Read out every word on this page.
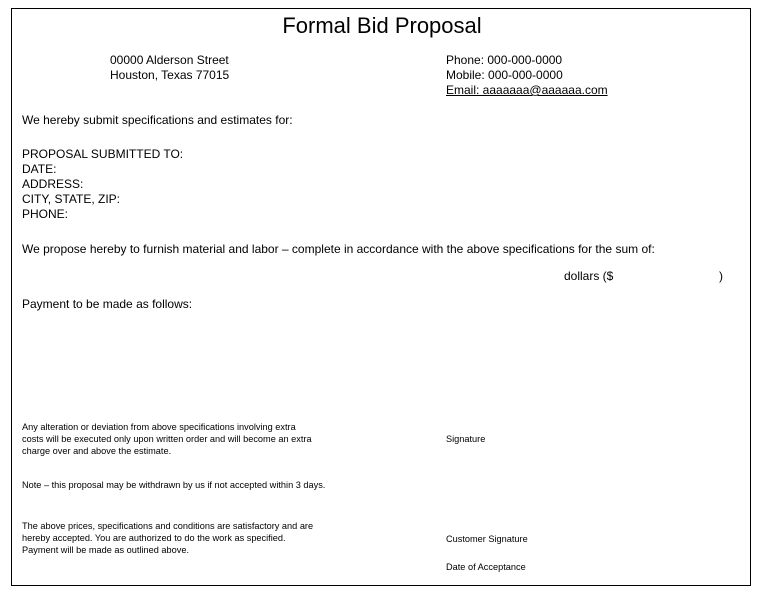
Formal Bid Proposal
00000 Alderson Street
Houston, Texas 77015
Phone: 000-000-0000
Mobile: 000-000-0000
Email: aaaaaaa@aaaaaa.com
We hereby submit specifications and estimates for:
PROPOSAL SUBMITTED TO:
DATE:
ADDRESS:
CITY, STATE, ZIP:
PHONE:
We propose hereby to furnish material and labor – complete in accordance with the above specifications for the sum of:
dollars ($	)
Payment to be made as follows:
Any alteration or deviation from above specifications involving extra
costs will be executed only upon written order and will become an extra
charge over and above the estimate.
Signature
Note – this proposal may be withdrawn by us if not accepted within 3 days.
The above prices, specifications and conditions are satisfactory and are
hereby accepted. You are authorized to do the work as specified.
Payment will be made as outlined above.
Customer Signature
Date of Acceptance
